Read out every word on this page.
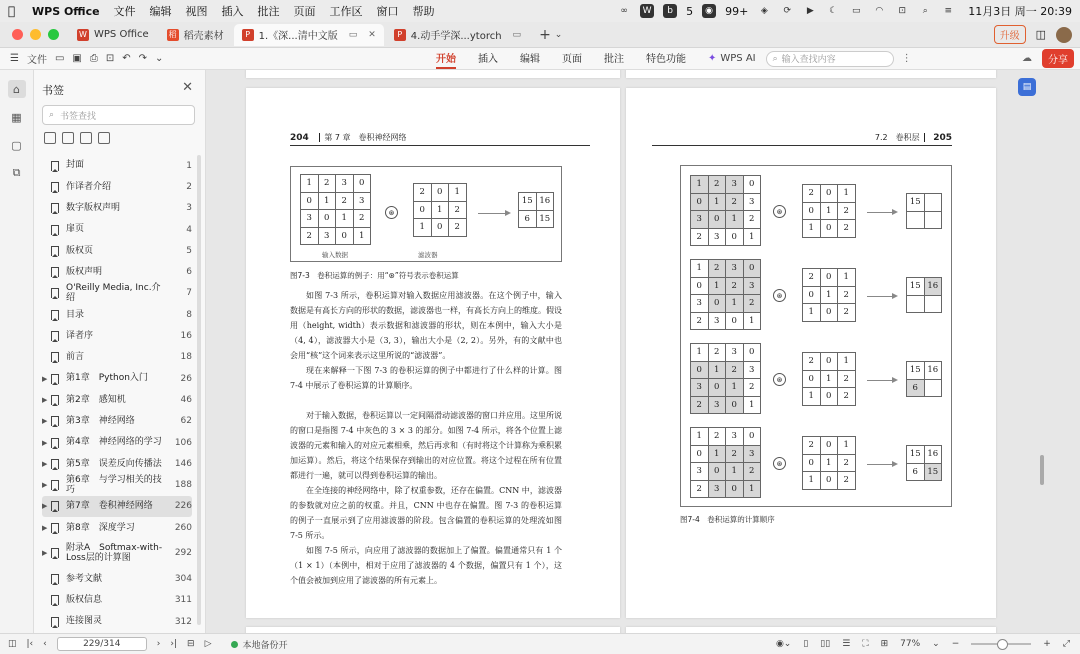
WPS Office 文件 编辑 视图 插入 批注 页面 工作区 窗口 帮助	∞	W	b	5	◉ 99+	◈	⟳	▶	☾	▭	◠	⊡	⌕	≡ 11月3日 周一 20:39
W WPS Office	稻 稻壳素材	P 1.《深...清中文版 ▭ ✕	P 4.动手学深...ytorch ▭ + ⌄	升级	◫
☰ 文件 ▭ ▣ ⎙ ⊡ ↶ ↷ ⌄	开始 插入 编辑 页面 批注 特色功能 ✦ WPS AI ⌕ 输入查找内容	⋮	☁	分享
⌂
▦
▢
⧉
书签	✕
⌕ 书签查找
封面	1
作译者介绍	2
数字版权声明	3
扉页	4
版权页	5
版权声明	6
O'Reilly Media, Inc.介绍	7
目录	8
译者序	16
前言	18
▶ 第1章　Python入门	26
▶ 第2章　感知机	46
▶ 第3章　神经网络	62
▶ 第4章　神经网络的学习	106
▶ 第5章　误差反向传播法	146
▶
第6章　与学习相关的技巧	188
▶ 第7章　卷积神经网络	226
▶ 第8章　深度学习	260
▶
附录A　Softmax-with-Loss层的计算图	292
参考文献	304
版权信息	311
连接图灵	312
204 第 7 章　卷积神经网络
⊛
输入数据	滤波器
图7-3　卷积运算的例子：用“⊛”符号表示卷积运算
如图 7-3 所示，卷积运算对输入数据应用滤波器。在这个例子中，输入数据是有高长方向的形状的数据，滤波器也一样，有高长方向上的维度。假设用（height, width）表示数据和滤波器的形状，则在本例中，输入大小是（4, 4），滤波器大小是（3, 3），输出大小是（2, 2）。另外，有的文献中也会用“核”这个词来表示这里所说的“滤波器”。
现在来解释一下图 7-3 的卷积运算的例子中都进行了什么样的计算。图 7-4 中展示了卷积运算的计算顺序。
对于输入数据，卷积运算以一定间隔滑动滤波器的窗口并应用。这里所说的窗口是指图 7-4 中灰色的 3 × 3 的部分。如图 7-4 所示，将各个位置上滤波器的元素和输入的对应元素相乘，然后再求和（有时将这个计算称为乘积累加运算）。然后，将这个结果保存到输出的对应位置。将这个过程在所有位置都进行一遍，就可以得到卷积运算的输出。
在全连接的神经网络中，除了权重参数，还存在偏置。CNN 中，滤波器的参数就对应之前的权重。并且，CNN 中也存在偏置。图 7-3 的卷积运算的例子一直展示到了应用滤波器的阶段。包含偏置的卷积运算的处理流如图 7-5 所示。
如图 7-5 所示，向应用了滤波器的数据加上了偏置。偏置通常只有 1 个（1 × 1）（本例中，相对于应用了滤波器的 4 个数据，偏置只有 1 个），这个值会被加到应用了滤波器的所有元素上。
1	2	3	0
0	1	2	3
3	0	1	2
2	3	0	1
2	0	1
0	1	2
1	0	2
15	16
6	15
7.2　卷积层 205
图7-4　卷积运算的计算顺序
1	2	3	0
0	1	2	3
3	0	1	2
2	3	0	1
⊛
2	0	1
0	1	2
1	0	2
15	

1	2	3	0
0	1	2	3
3	0	1	2
2	3	0	1
⊛
2	0	1
0	1	2
1	0	2
15	16

1	2	3	0
0	1	2	3
3	0	1	2
2	3	0	1
⊛
2	0	1
0	1	2
1	0	2
15	16
6	
1	2	3	0
0	1	2	3
3	0	1	2
2	3	0	1
⊛
2	0	1
0	1	2
1	0	2
15	16
6	15
▤
◫ |‹ ‹	229/314	› ›| ⊟ ▷	本地备份开	◉⌄ ▯ ▯▯ ☰ ⛶ ⊞ 77% ⌄ −	+ ⤢
